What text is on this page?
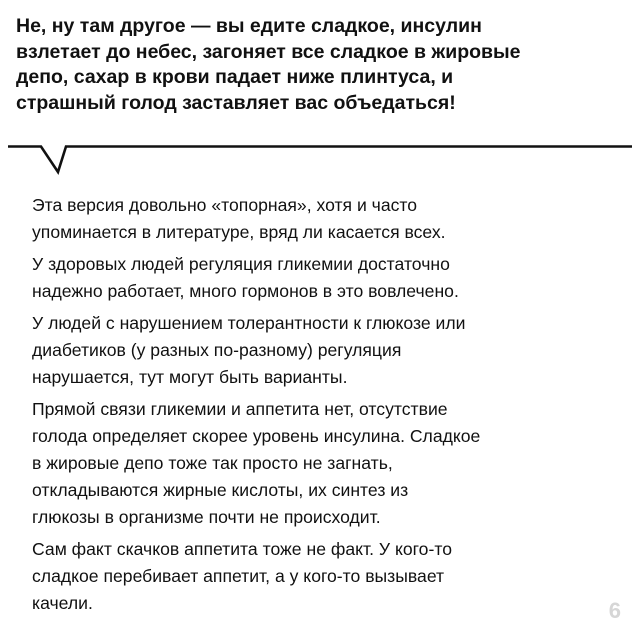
Не, ну там другое — вы едите сладкое, инсулин
взлетает до небес, загоняет все сладкое в жировые
депо, сахар в крови падает ниже плинтуса, и
страшный голод заставляет вас объедаться!

Эта версия довольно «топорная», хотя и часто
упоминается в литературе, вряд ли касается всех.

У здоровых людей регуляция гликемии достаточно
надежно работает, много гормонов в это вовлечено.

У людей с нарушением толерантности к глюкозе или
диабетиков (у разных по-разному) регуляция
нарушается, тут могут быть варианты.

Прямой связи гликемии и аппетита нет, отсутствие
голода определяет скорее уровень инсулина. Сладкое
в жировые депо тоже так просто не загнать,
откладываются жирные кислоты, их синтез из
глюкозы в организме почти не происходит.

Сам факт скачков аппетита тоже не факт. У кого-то
сладкое перебивает аппетит, а у кого-то вызывает
качели.	6
